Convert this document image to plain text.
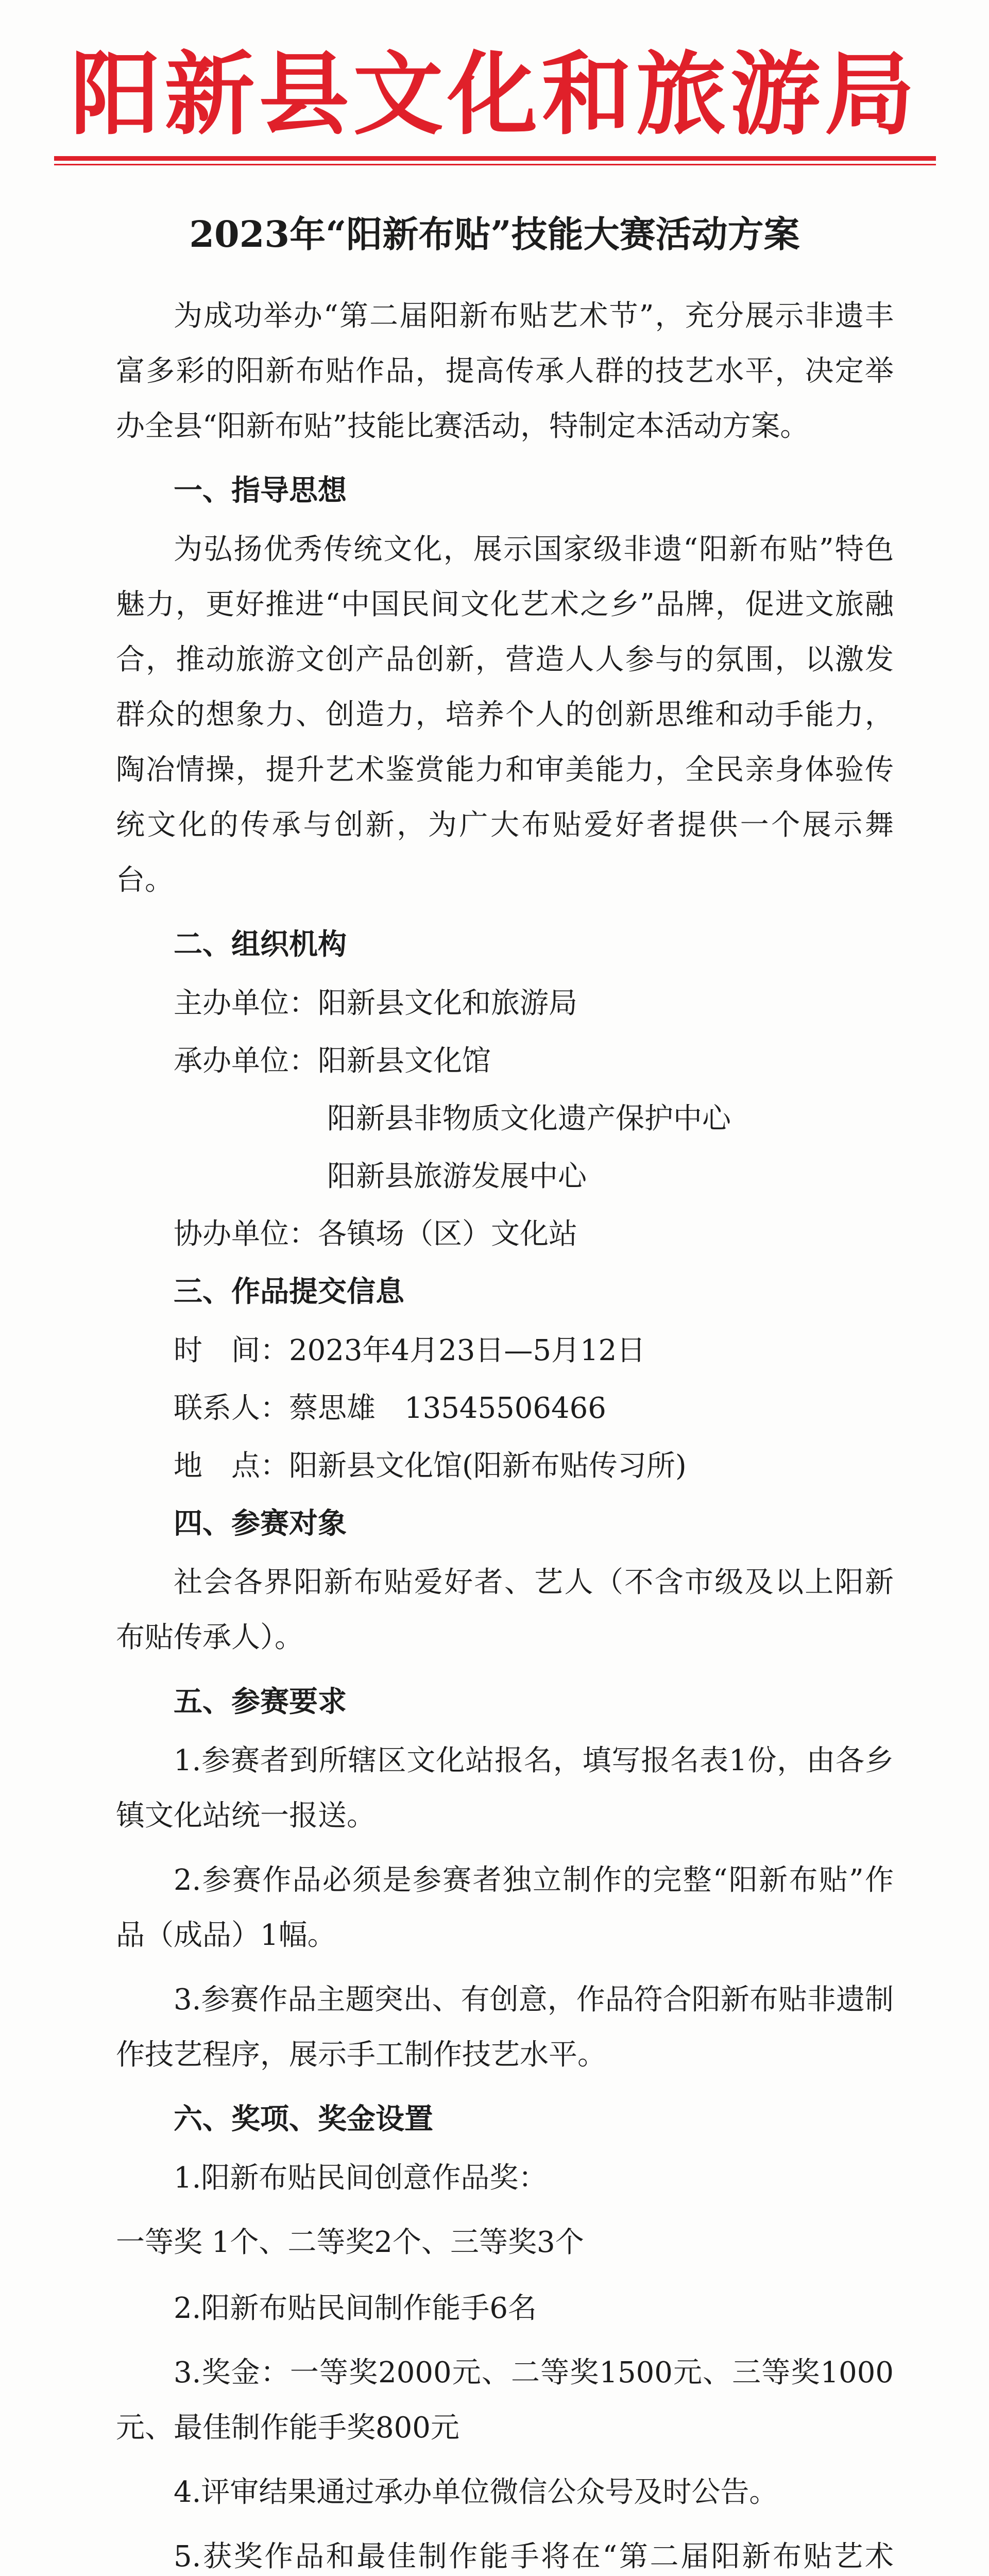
阳新县文化和旅游局
2023年“阳新布贴”技能大赛活动方案

为成功举办“第二届阳新布贴艺术节”，充分展示非遗丰富多彩的阳新布贴作品，提高传承人群的技艺水平，决定举办全县“阳新布贴”技能比赛活动，特制定本活动方案。

一、指导思想

为弘扬优秀传统文化，展示国家级非遗“阳新布贴”特色魅力，更好推进“中国民间文化艺术之乡”品牌，促进文旅融合，推动旅游文创产品创新，营造人人参与的氛围，以激发群众的想象力、创造力，培养个人的创新思维和动手能力，陶冶情操，提升艺术鉴赏能力和审美能力，全民亲身体验传统文化的传承与创新，为广大布贴爱好者提供一个展示舞台。

二、组织机构

主办单位： 阳新县文化和旅游局
承办单位： 阳新县文化馆

阳新县非物质文化遗产保护中心

阳新县旅游发展中心

协办单位： 各镇场（区）文化站

三、作品提交信息

时　间： 2023年4月23日—5月12日
联系人： 蔡思雄　13545506466
地　点： 阳新县文化馆(阳新布贴传习所)

四、参赛对象

社会各界阳新布贴爱好者、艺人（不含市级及以上阳新布贴传承人）。

五、参赛要求

1.参赛者到所辖区文化站报名，填写报名表1份，由各乡镇文化站统一报送。

2.参赛作品必须是参赛者独立制作的完整“阳新布贴”作品（成品）1幅。

3.参赛作品主题突出、有创意，作品符合阳新布贴非遗制作技艺程序，展示手工制作技艺水平。

六、奖项、奖金设置

1.阳新布贴民间创意作品奖：

一等奖 1个、二等奖2个、三等奖3个

2.阳新布贴民间制作能手6名

3.奖金：一等奖2000元、二等奖1500元、三等奖1000元、最佳制作能手奖800元

4.评审结果通过承办单位微信公众号及时公告。

5.获奖作品和最佳制作能手将在“第二届阳新布贴艺术
